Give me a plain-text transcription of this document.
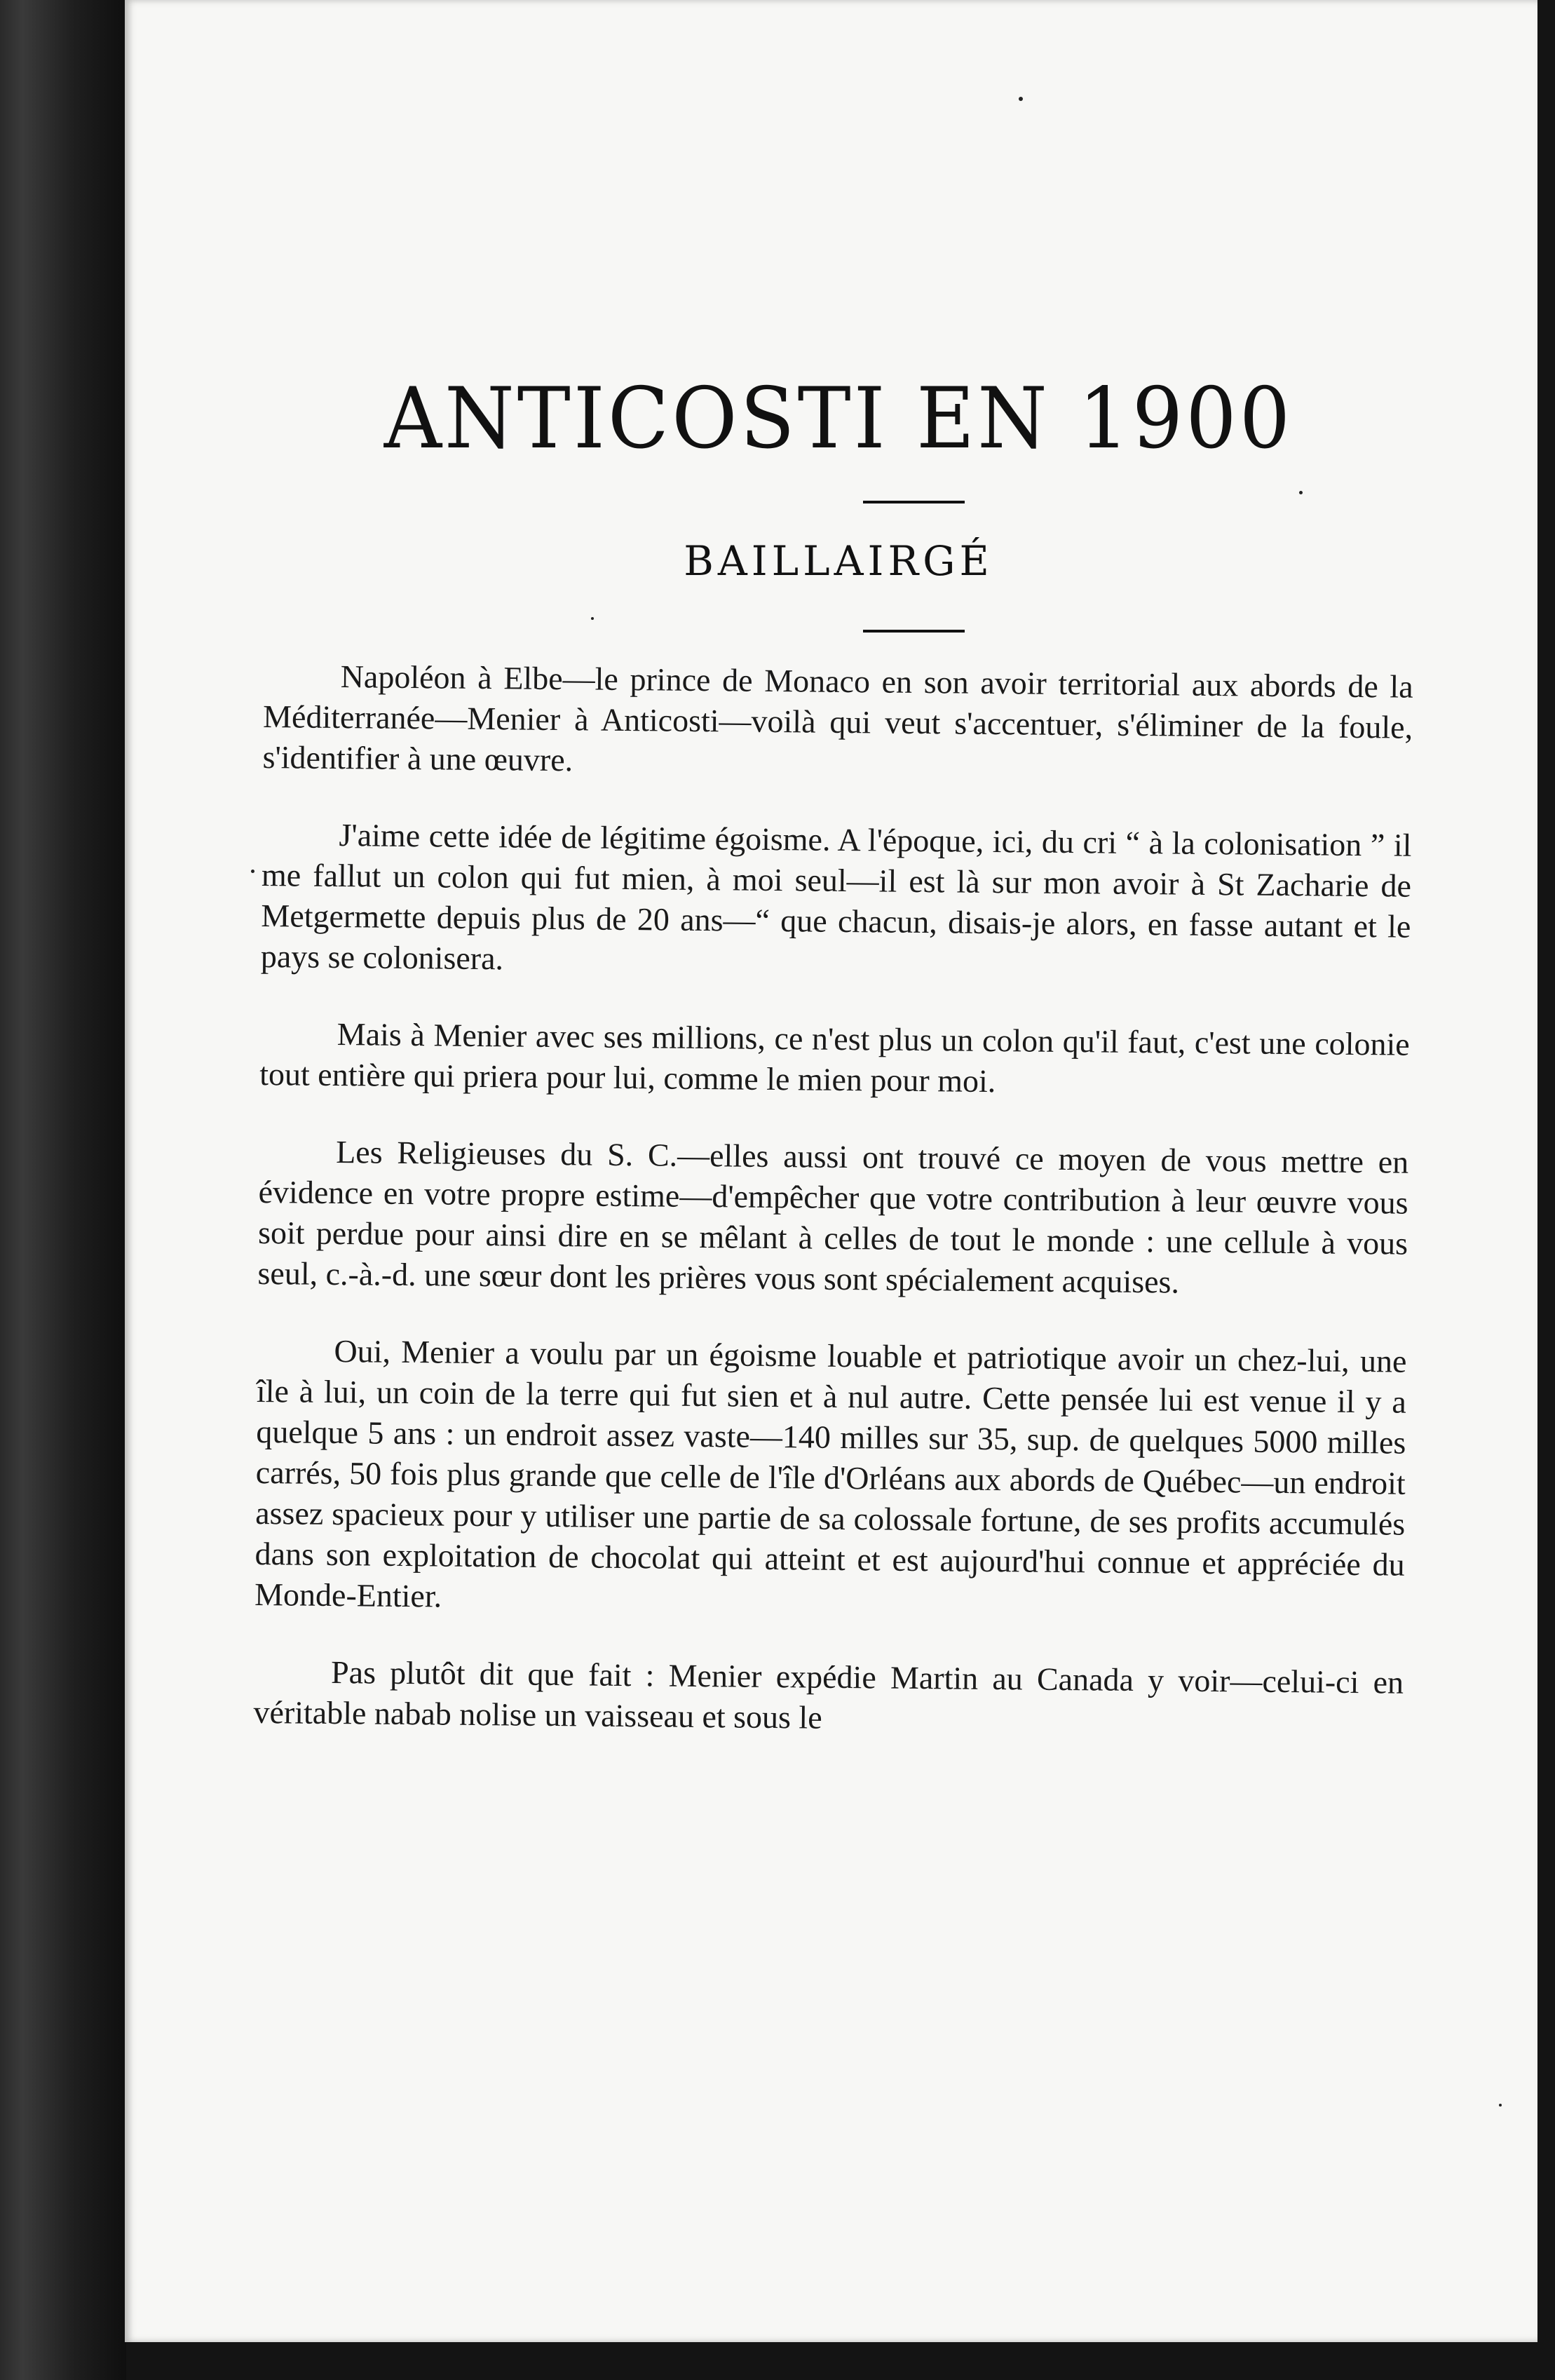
ANTICOSTI EN 1900
BAILLAIRGÉ

Napoléon à Elbe—le prince de Monaco en son avoir territorial aux abords de la Méditerranée—Menier à Anticosti—voilà qui veut s'accentuer, s'éliminer de la foule, s'identifier à une œuvre.

J'aime cette idée de légitime égoisme. A l'époque, ici, du cri “ à la colonisation ” il me fallut un colon qui fut mien, à moi seul—il est là sur mon avoir à St Zacharie de Metgermette depuis plus de 20 ans—“ que chacun, disais-je alors, en fasse autant et le pays se colonisera.

Mais à Menier avec ses millions, ce n'est plus un colon qu'il faut, c'est une colonie tout entière qui priera pour lui, comme le mien pour moi.

Les Religieuses du S. C.—elles aussi ont trouvé ce moyen de vous mettre en évidence en votre propre estime—d'empêcher que votre contribution à leur œuvre vous soit perdue pour ainsi dire en se mêlant à celles de tout le monde : une cellule à vous seul, c.-à.-d. une sœur dont les prières vous sont spécialement acquises.

Oui, Menier a voulu par un égoisme louable et patriotique avoir un chez-lui, une île à lui, un coin de la terre qui fut sien et à nul autre. Cette pensée lui est venue il y a quelque 5 ans : un endroit assez vaste—140 milles sur 35, sup. de quelques 5000 milles carrés, 50 fois plus grande que celle de l'île d'Orléans aux abords de Québec—un endroit assez spacieux pour y utiliser une partie de sa colossale fortune, de ses profits accumulés dans son exploitation de chocolat qui atteint et est aujourd'hui connue et appréciée du Monde-Entier.

Pas plutôt dit que fait : Menier expédie Martin au Canada y voir—celui-ci en véritable nabab nolise un vaisseau et sous le
